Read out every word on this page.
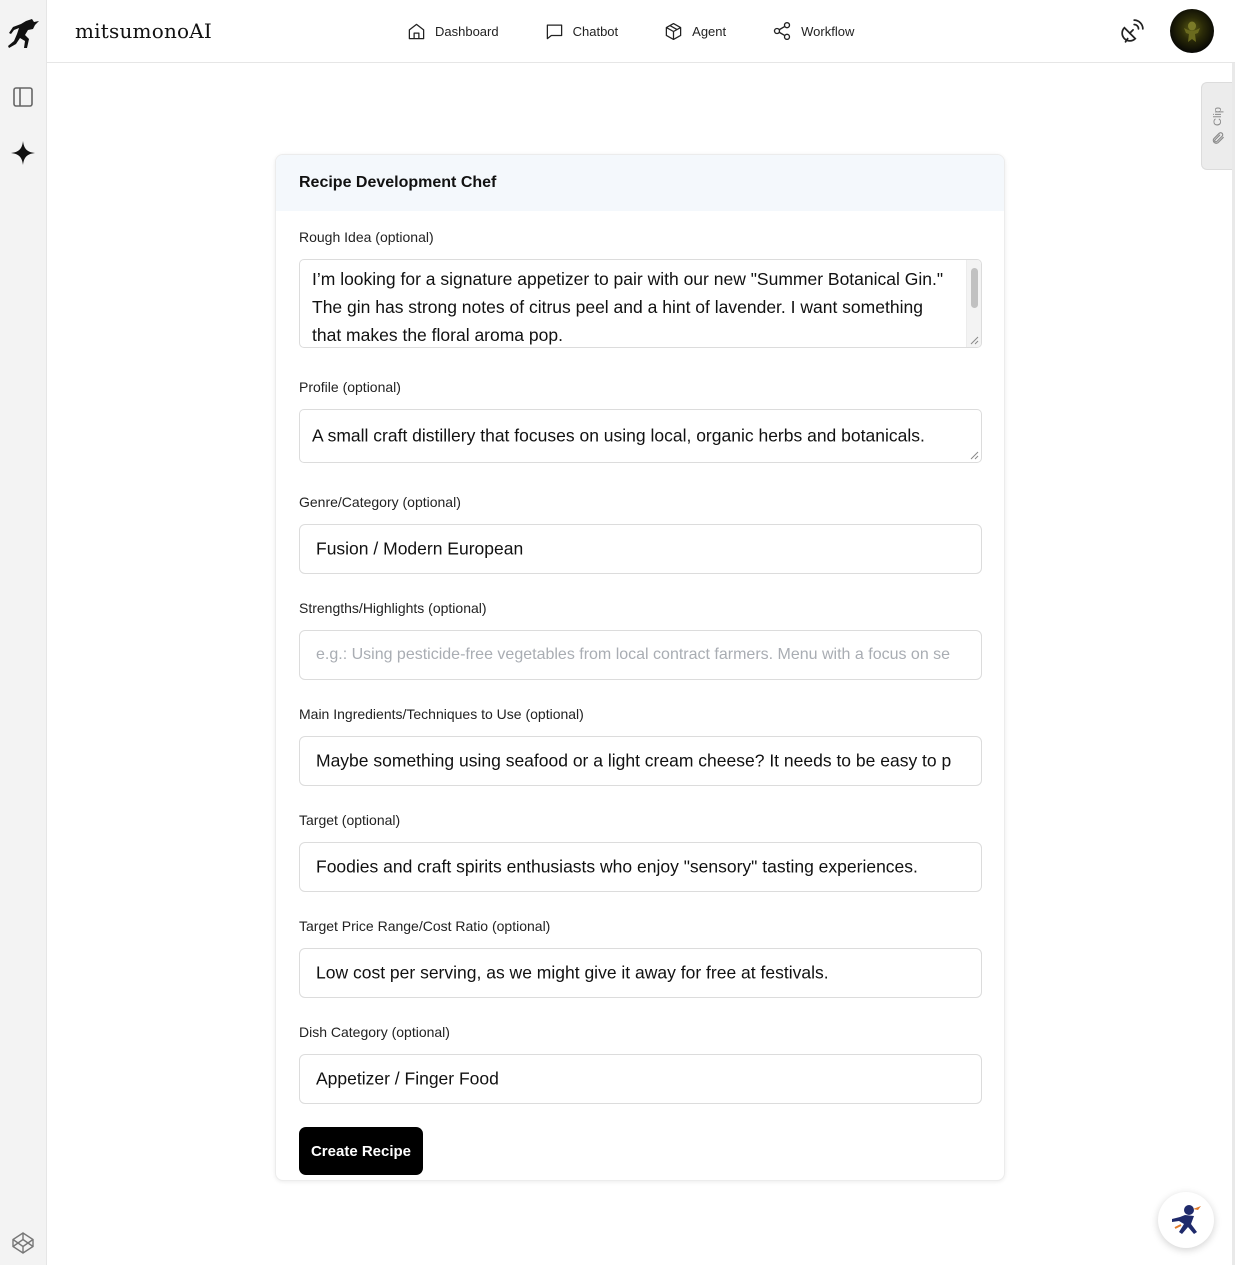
mitsumonoAI	Dashboard	Chatbot	Agent	Workflow
Clip
Recipe Development Chef
Rough Idea (optional)
I’m looking for a signature appetizer to pair with our new "Summer Botanical Gin." The gin has strong notes of citrus peel and a hint of lavender. I want something that makes the floral aroma pop.
Profile (optional)
A small craft distillery that focuses on using local, organic herbs and botanicals.
Genre/Category (optional)
Fusion / Modern European
Strengths/Highlights (optional)
e.g.: Using pesticide-free vegetables from local contract farmers. Menu with a focus on se
Main Ingredients/Techniques to Use (optional)
Maybe something using seafood or a light cream cheese? It needs to be easy to p
Target (optional)
Foodies and craft spirits enthusiasts who enjoy "sensory" tasting experiences.
Target Price Range/Cost Ratio (optional)
Low cost per serving, as we might give it away for free at festivals.
Dish Category (optional)
Appetizer / Finger Food
Create Recipe
